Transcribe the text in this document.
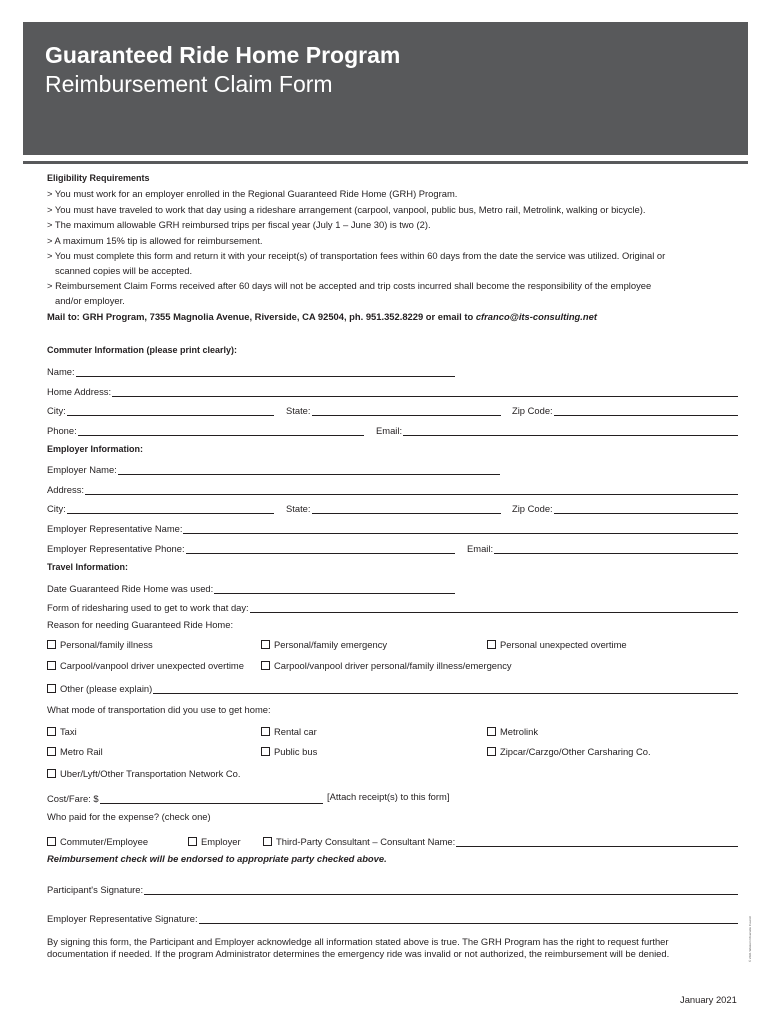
Guaranteed Ride Home Program
Reimbursement Claim Form
Eligibility Requirements
> You must work for an employer enrolled in the Regional Guaranteed Ride Home (GRH) Program.
> You must have traveled to work that day using a rideshare arrangement (carpool, vanpool, public bus, Metro rail, Metrolink, walking or bicycle).
> The maximum allowable GRH reimbursed trips per fiscal year (July 1 – June 30) is two (2).
> A maximum 15% tip is allowed for reimbursement.
> You must complete this form and return it with your receipt(s) of transportation fees within 60 days from the date the service was utilized. Original or
scanned copies will be accepted.
> Reimbursement Claim Forms received after 60 days will not be accepted and trip costs incurred shall become the responsibility of the employee
and/or employer.
Mail to: GRH Program, 7355 Magnolia Avenue, Riverside, CA 92504, ph. 951.352.8229 or email to cfranco@its-consulting.net
Commuter Information (please print clearly):
Name:
Home Address:
City:	State:	Zip Code:
Phone:	Email:
Employer Information:
Employer Name:
Address:
City:	State:	Zip Code:
Employer Representative Name:
Employer Representative Phone:	Email:
Travel Information:
Date Guaranteed Ride Home was used:
Form of ridesharing used to get to work that day:
Reason for needing Guaranteed Ride Home:
Personal/family illness	Personal/family emergency	Personal unexpected overtime
Carpool/vanpool driver unexpected overtime	Carpool/vanpool driver personal/family illness/emergency
Other (please explain)
What mode of transportation did you use to get home:
Taxi	Rental car	Metrolink
Metro Rail	Public bus	Zipcar/Carzgo/Other Carsharing Co.
Uber/Lyft/Other Transportation Network Co.
Cost/Fare: $	[Attach receipt(s) to this form]
Who paid for the expense? (check one)
Commuter/Employee	Employer	Third-Party Consultant – Consultant Name:
Reimbursement check will be endorsed to appropriate party checked above.
Participant's Signature:
Employer Representative Signature:
By signing this form, the Participant and Employer acknowledge all information stated above is true. The GRH Program has the right to request further
documentation if needed. If the program Administrator determines the emergency ride was invalid or not authorized, the reimbursement will be denied.	© 2021 Western Riverside Council
January 2021
